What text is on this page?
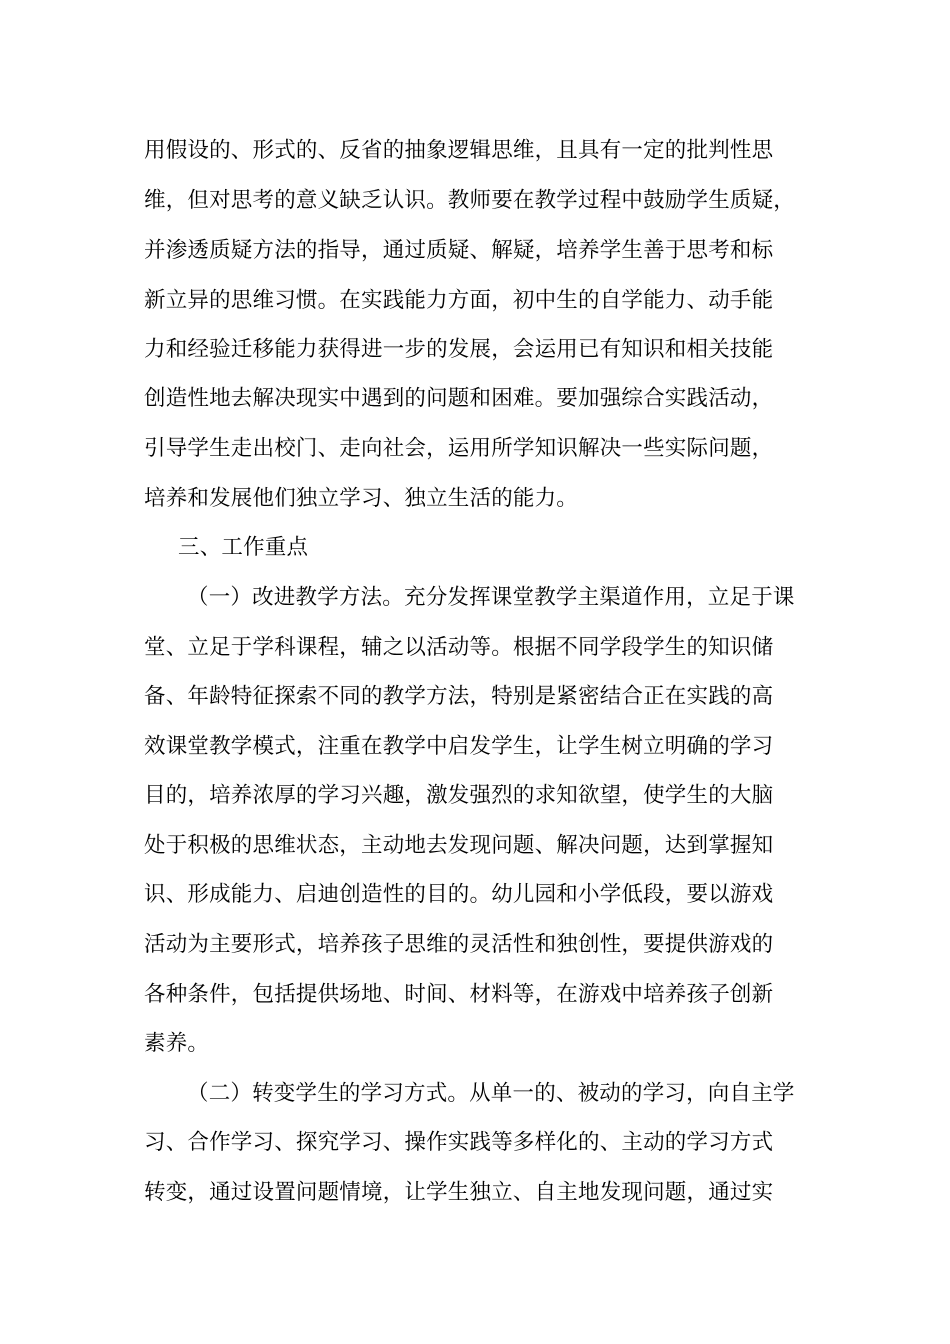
用假设的、形式的、反省的抽象逻辑思维，且具有一定的批判性思
维，但对思考的意义缺乏认识。教师要在教学过程中鼓励学生质疑，
并渗透质疑方法的指导，通过质疑、解疑，培养学生善于思考和标
新立异的思维习惯。在实践能力方面，初中生的自学能力、动手能
力和经验迁移能力获得进一步的发展，会运用已有知识和相关技能
创造性地去解决现实中遇到的问题和困难。要加强综合实践活动，
引导学生走出校门、走向社会，运用所学知识解决一些实际问题，
培养和发展他们独立学习、独立生活的能力。
三、工作重点
（一）改进教学方法。充分发挥课堂教学主渠道作用，立足于课
堂、立足于学科课程，辅之以活动等。根据不同学段学生的知识储
备、年龄特征探索不同的教学方法，特别是紧密结合正在实践的高
效课堂教学模式，注重在教学中启发学生，让学生树立明确的学习
目的，培养浓厚的学习兴趣，激发强烈的求知欲望，使学生的大脑
处于积极的思维状态，主动地去发现问题、解决问题，达到掌握知
识、形成能力、启迪创造性的目的。幼儿园和小学低段，要以游戏
活动为主要形式，培养孩子思维的灵活性和独创性，要提供游戏的
各种条件，包括提供场地、时间、材料等，在游戏中培养孩子创新
素养。
（二）转变学生的学习方式。从单一的、被动的学习，向自主学
习、合作学习、探究学习、操作实践等多样化的、主动的学习方式
转变，通过设置问题情境，让学生独立、自主地发现问题，通过实
